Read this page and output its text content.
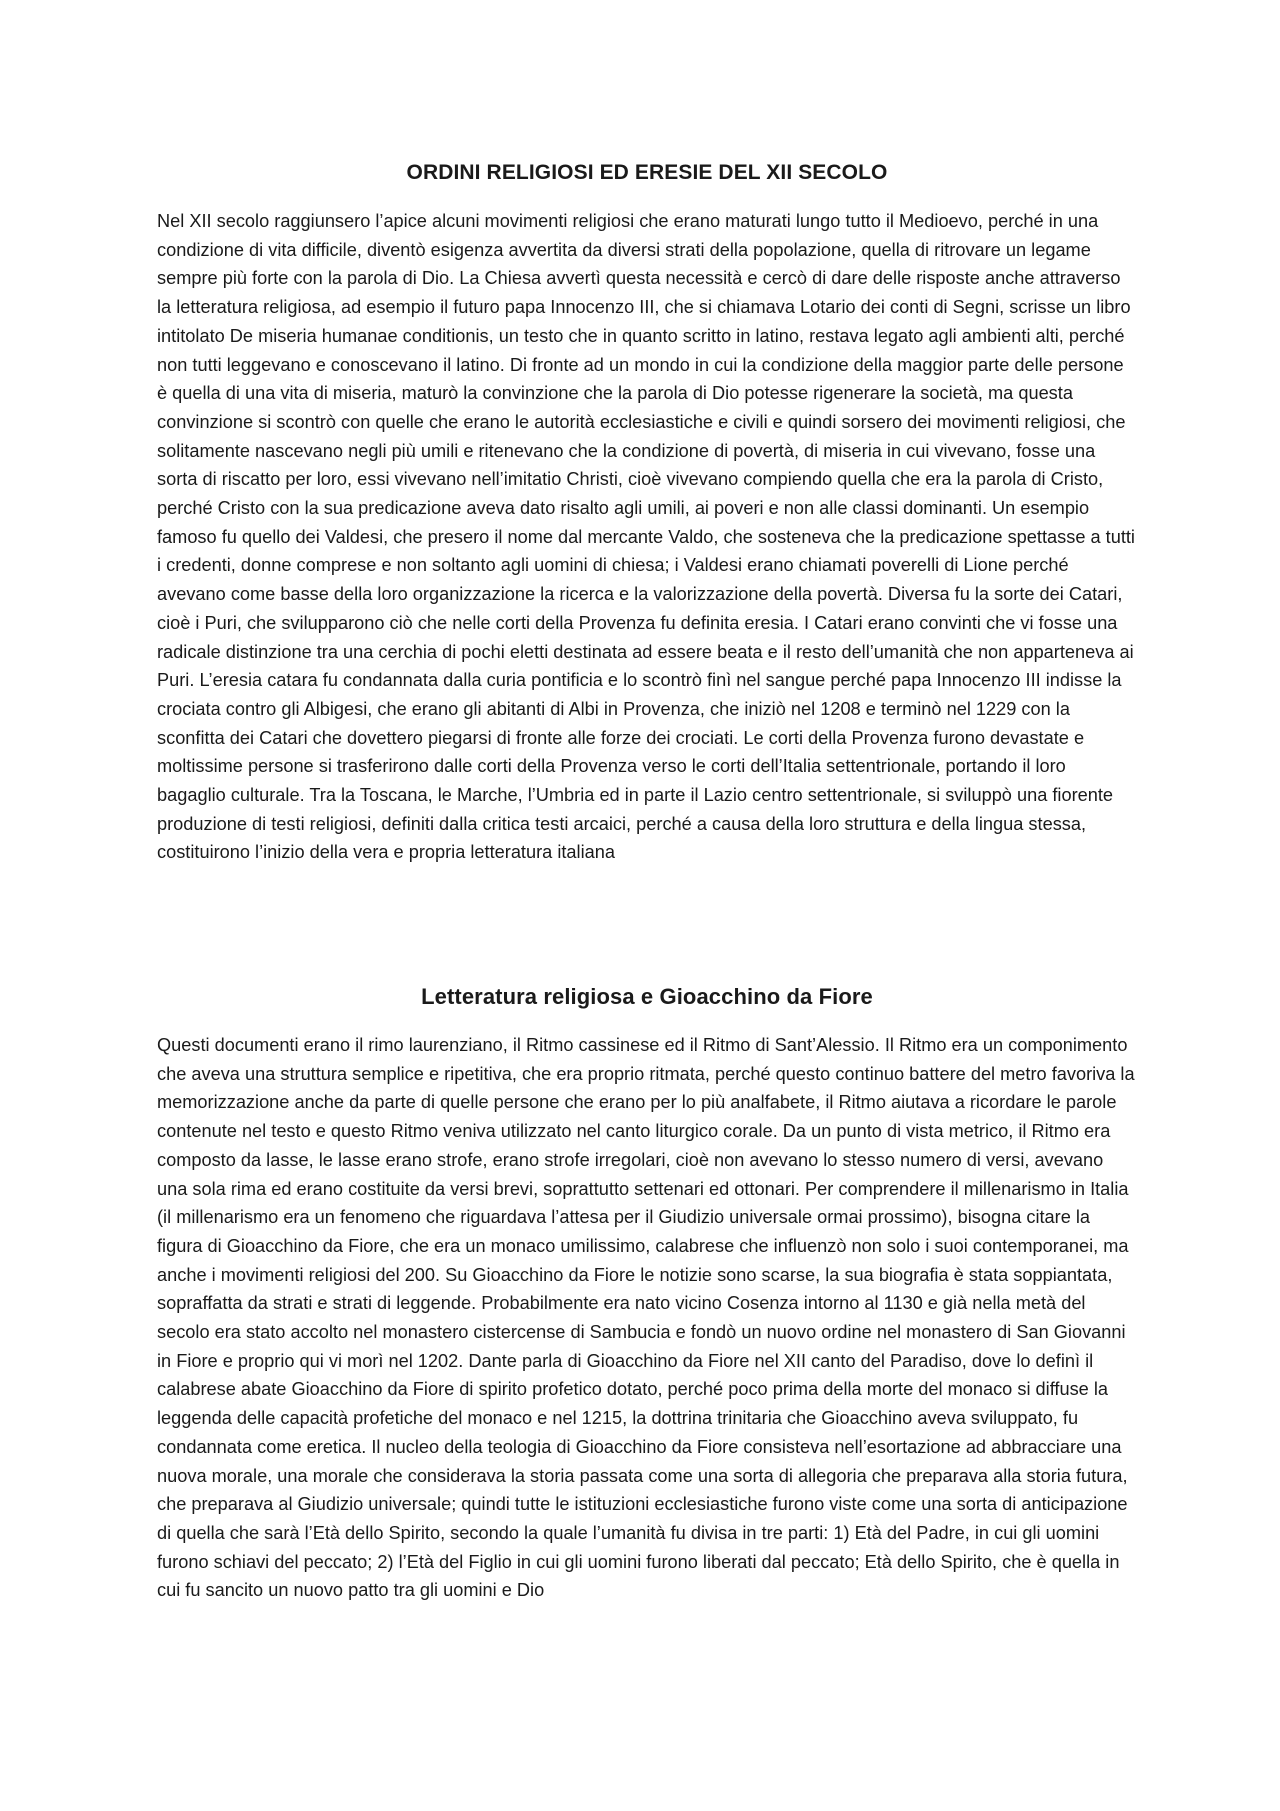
ORDINI RELIGIOSI ED ERESIE DEL XII SECOLO

Nel XII secolo raggiunsero l’apice alcuni movimenti religiosi che erano maturati lungo tutto il Medioevo, perché in una condizione di vita difficile, diventò esigenza avvertita da diversi strati della popolazione, quella di ritrovare un legame sempre più forte con la parola di Dio. La Chiesa avvertì questa necessità e cercò di dare delle risposte anche attraverso la letteratura religiosa, ad esempio il futuro papa Innocenzo III, che si chiamava Lotario dei conti di Segni, scrisse un libro intitolato De miseria humanae conditionis, un testo che in quanto scritto in latino, restava legato agli ambienti alti, perché non tutti leggevano e conoscevano il latino. Di fronte ad un mondo in cui la condizione della maggior parte delle persone è quella di una vita di miseria, maturò la convinzione che la parola di Dio potesse rigenerare la società, ma questa convinzione si scontrò con quelle che erano le autorità ecclesiastiche e civili e quindi sorsero dei movimenti religiosi, che solitamente nascevano negli più umili e ritenevano che la condizione di povertà, di miseria in cui vivevano, fosse una sorta di riscatto per loro, essi vivevano nell’imitatio Christi, cioè vivevano compiendo quella che era la parola di Cristo, perché Cristo con la sua predicazione aveva dato risalto agli umili, ai poveri e non alle classi dominanti. Un esempio famoso fu quello dei Valdesi, che presero il nome dal mercante Valdo, che sosteneva che la predicazione spettasse a tutti i credenti, donne comprese e non soltanto agli uomini di chiesa; i Valdesi erano chiamati poverelli di Lione perché avevano come basse della loro organizzazione la ricerca e la valorizzazione della povertà. Diversa fu la sorte dei Catari, cioè i Puri, che svilupparono ciò che nelle corti della Provenza fu definita eresia. I Catari erano convinti che vi fosse una radicale distinzione tra una cerchia di pochi eletti destinata ad essere beata e il resto dell’umanità che non apparteneva ai Puri. L’eresia catara fu condannata dalla curia pontificia e lo scontrò finì nel sangue perché papa Innocenzo III indisse la crociata contro gli Albigesi, che erano gli abitanti di Albi in Provenza, che iniziò nel 1208 e terminò nel 1229 con la sconfitta dei Catari che dovettero piegarsi di fronte alle forze dei crociati. Le corti della Provenza furono devastate e moltissime persone si trasferirono dalle corti della Provenza verso le corti dell’Italia settentrionale, portando il loro bagaglio culturale. Tra la Toscana, le Marche, l’Umbria ed in parte il Lazio centro settentrionale, si sviluppò una fiorente produzione di testi religiosi, definiti dalla critica testi arcaici, perché a causa della loro struttura e della lingua stessa, costituirono l’inizio della vera e propria letteratura italiana

Letteratura religiosa e Gioacchino da Fiore

Questi documenti erano il rimo laurenziano, il Ritmo cassinese ed il Ritmo di Sant’Alessio. Il Ritmo era un componimento che aveva una struttura semplice e ripetitiva, che era proprio ritmata, perché questo continuo battere del metro favoriva la memorizzazione anche da parte di quelle persone che erano per lo più analfabete, il Ritmo aiutava a ricordare le parole contenute nel testo e questo Ritmo veniva utilizzato nel canto liturgico corale. Da un punto di vista metrico, il Ritmo era composto da lasse, le lasse erano strofe, erano strofe irregolari, cioè non avevano lo stesso numero di versi, avevano una sola rima ed erano costituite da versi brevi, soprattutto settenari ed ottonari. Per comprendere il millenarismo in Italia (il millenarismo era un fenomeno che riguardava l’attesa per il Giudizio universale ormai prossimo), bisogna citare la figura di Gioacchino da Fiore, che era un monaco umilissimo, calabrese che influenzò non solo i suoi contemporanei, ma anche i movimenti religiosi del 200. Su Gioacchino da Fiore le notizie sono scarse, la sua biografia è stata soppiantata, sopraffatta da strati e strati di leggende. Probabilmente era nato vicino Cosenza intorno al 1130 e già nella metà del secolo era stato accolto nel monastero cistercense di Sambucia e fondò un nuovo ordine nel monastero di San Giovanni in Fiore e proprio qui vi morì nel 1202. Dante parla di Gioacchino da Fiore nel XII canto del Paradiso, dove lo definì il calabrese abate Gioacchino da Fiore di spirito profetico dotato, perché poco prima della morte del monaco si diffuse la leggenda delle capacità profetiche del monaco e nel 1215, la dottrina trinitaria che Gioacchino aveva sviluppato, fu condannata come eretica. Il nucleo della teologia di Gioacchino da Fiore consisteva nell’esortazione ad abbracciare una nuova morale, una morale che considerava la storia passata come una sorta di allegoria che preparava alla storia futura, che preparava al Giudizio universale; quindi tutte le istituzioni ecclesiastiche furono viste come una sorta di anticipazione di quella che sarà l’Età dello Spirito, secondo la quale l’umanità fu divisa in tre parti: 1) Età del Padre, in cui gli uomini furono schiavi del peccato; 2) l’Età del Figlio in cui gli uomini furono liberati dal peccato; Età dello Spirito, che è quella in cui fu sancito un nuovo patto tra gli uomini e Dio
